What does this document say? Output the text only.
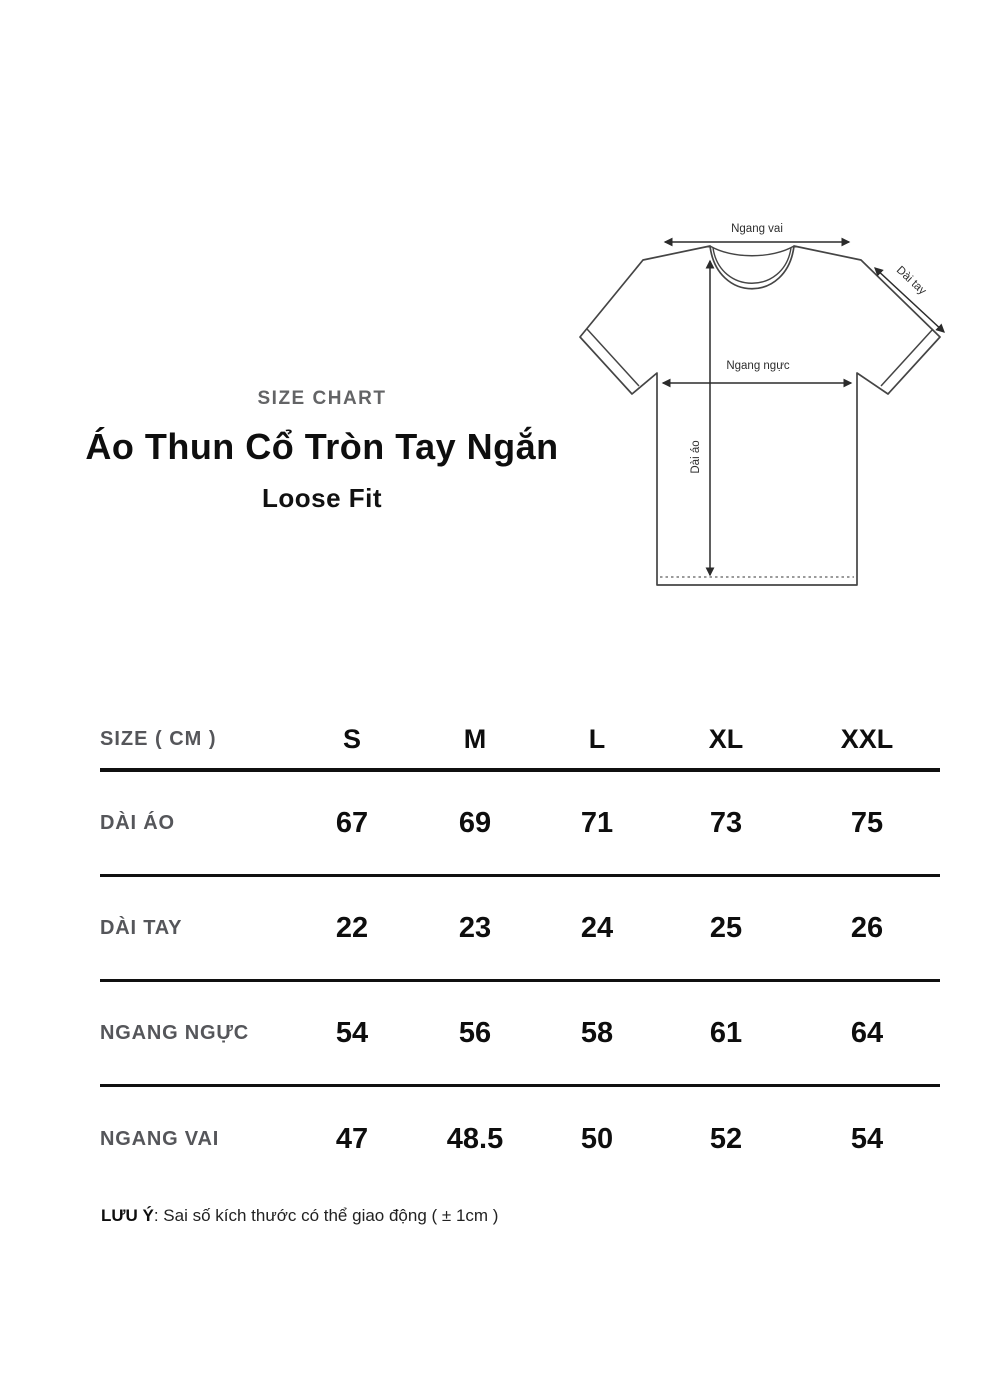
SIZE CHART
Áo Thun Cổ Tròn Tay Ngắn
Loose Fit
Ngang vai
Dài tay
Ngang ngực
Dài áo
SIZE ( CM )	S	M	L	XL	XXL
DÀI ÁO	67	69	71	73	75
DÀI TAY	22	23	24	25	26
NGANG NGỰC	54	56	58	61	64
NGANG VAI	47	48.5	50	52	54
LƯU Ý: Sai số kích thước có thể giao động ( ± 1cm )
